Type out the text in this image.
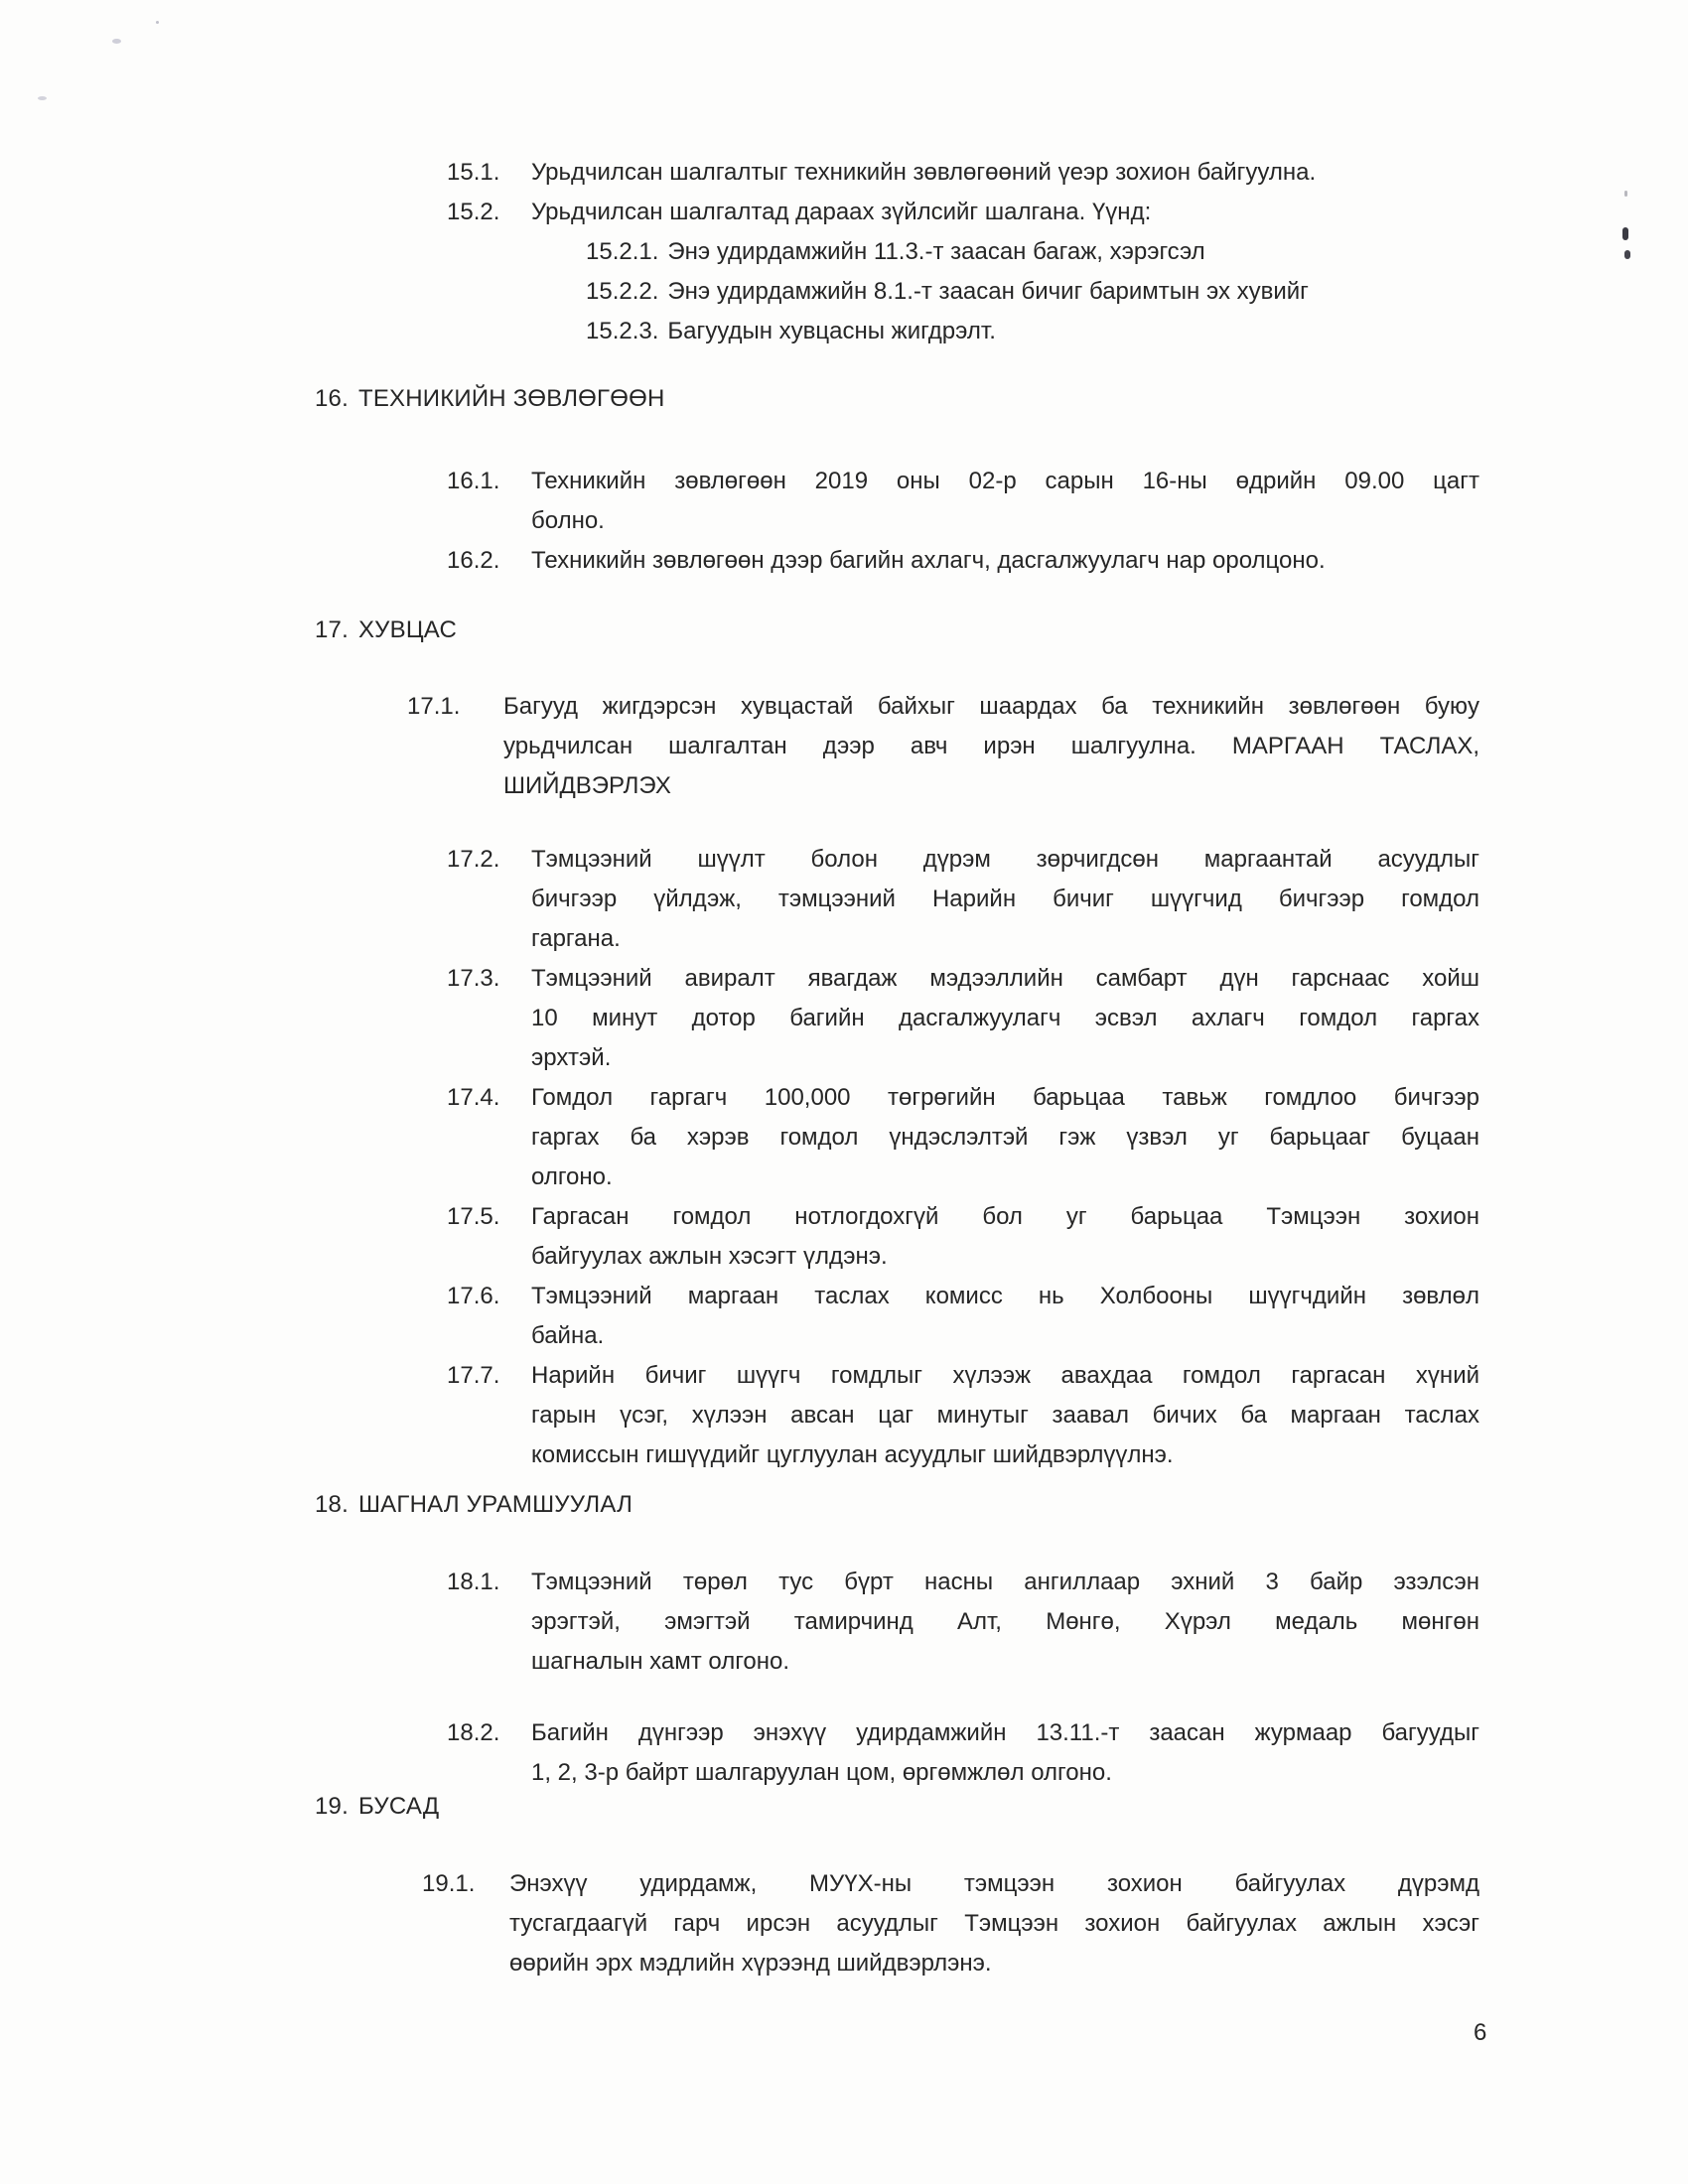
15.1. Урьдчилсан шалгалтыг техникийн зөвлөгөөний үеэр зохион байгуулна.
15.2. Урьдчилсан шалгалтад дараах зүйлсийг шалгана. Үүнд:
15.2.1. Энэ удирдамжийн 11.3.-т заасан багаж, хэрэгсэл
15.2.2. Энэ удирдамжийн 8.1.-т заасан бичиг баримтын эх хувийг
15.2.3. Багуудын хувцасны жигдрэлт.
16. ТЕХНИКИЙН ЗӨВЛӨГӨӨН
16.1. Техникийн зөвлөгөөн 2019 оны 02-р сарын 16-ны өдрийн 09.00 цагт
болно.
16.2. Техникийн зөвлөгөөн дээр багийн ахлагч, дасгалжуулагч нар оролцоно.
17. ХУВЦАС
17.1. Багууд жигдэрсэн хувцастай байхыг шаардах ба техникийн зөвлөгөөн буюу
урьдчилсан шалгалтан дээр авч ирэн шалгуулна. МАРГААН ТАСЛАХ,
ШИЙДВЭРЛЭХ
17.2. Тэмцээний шүүлт болон дүрэм зөрчигдсөн маргаантай асуудлыг
бичгээр үйлдэж, тэмцээний Нарийн бичиг шүүгчид бичгээр гомдол
гаргана.
17.3. Тэмцээний авиралт явагдаж мэдээллийн самбарт дүн гарснаас хойш
10 минут дотор багийн дасгалжуулагч эсвэл ахлагч гомдол гаргах
эрхтэй.
17.4. Гомдол гаргагч 100,000 төгрөгийн барьцаа тавьж гомдлоо бичгээр
гаргах ба хэрэв гомдол үндэслэлтэй гэж үзвэл уг барьцааг буцаан
олгоно.
17.5. Гаргасан гомдол нотлогдохгүй бол уг барьцаа Тэмцээн зохион
байгуулах ажлын хэсэгт үлдэнэ.
17.6. Тэмцээний маргаан таслах комисс нь Холбооны шүүгчдийн зөвлөл
байна.
17.7. Нарийн бичиг шүүгч гомдлыг хүлээж авахдаа гомдол гаргасан хүний
гарын үсэг, хүлээн авсан цаг минутыг заавал бичих ба маргаан таслах
комиссын гишүүдийг цуглуулан асуудлыг шийдвэрлүүлнэ.
18. ШАГНАЛ УРАМШУУЛАЛ
18.1. Тэмцээний төрөл тус бүрт насны ангиллаар эхний 3 байр эзэлсэн
эрэгтэй, эмэгтэй тамирчинд Алт, Мөнгө, Хүрэл медаль мөнгөн
шагналын хамт олгоно.
18.2. Багийн дүнгээр энэхүү удирдамжийн 13.11.-т заасан журмаар багуудыг
1, 2, 3-р байрт шалгаруулан цом, өргөмжлөл олгоно.
19. БУСАД
19.1. Энэхүү удирдамж, МУҮХ-ны тэмцээн зохион байгуулах дүрэмд
тусгагдаагүй гарч ирсэн асуудлыг Тэмцээн зохион байгуулах ажлын хэсэг
өөрийн эрх мэдлийн хүрээнд шийдвэрлэнэ.
6
